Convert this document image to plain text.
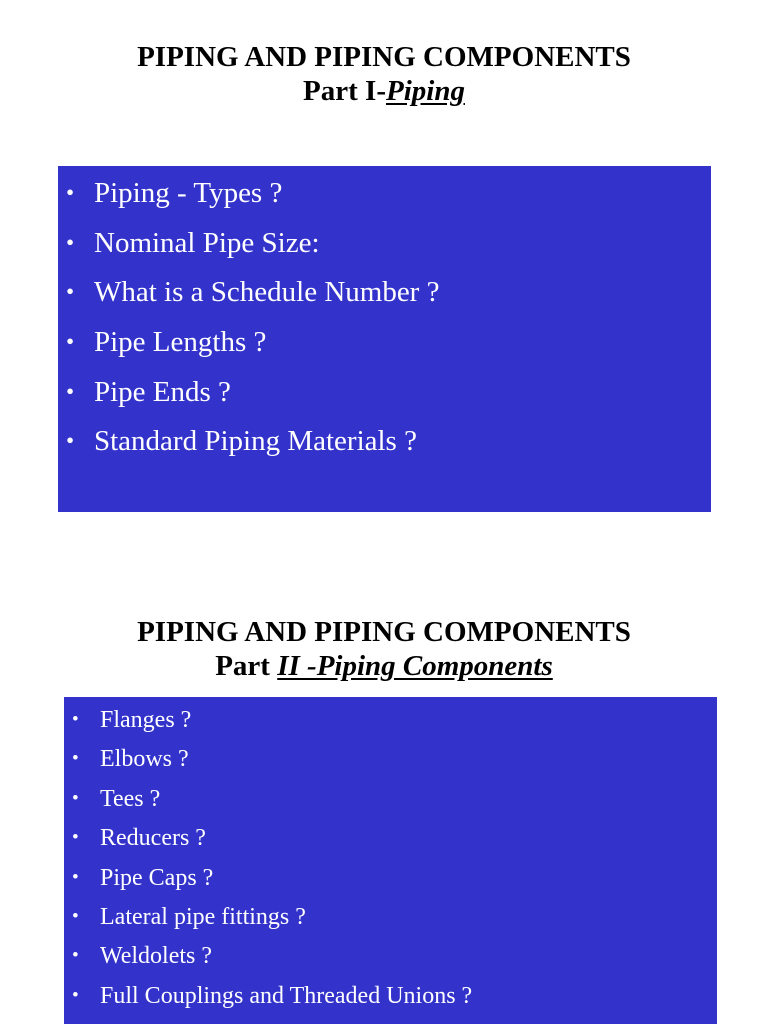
PIPING AND PIPING COMPONENTS
Part I-Piping
• Piping - Types ?
• Nominal Pipe Size:
• What is a Schedule Number ?
• Pipe Lengths ?
• Pipe Ends ?
• Standard Piping Materials ?
PIPING AND PIPING COMPONENTS
Part II -Piping Components
• Flanges ?
• Elbows ?
• Tees ?
• Reducers ?
• Pipe Caps ?
• Lateral pipe fittings ?
• Weldolets ?
• Full Couplings and Threaded Unions ?
